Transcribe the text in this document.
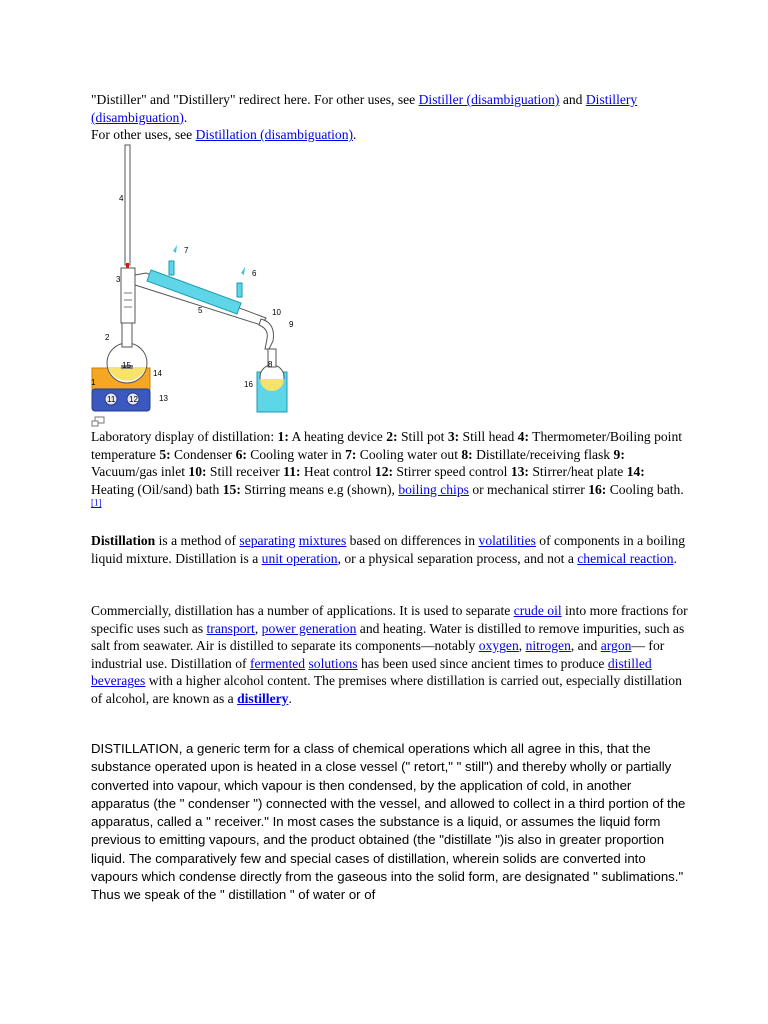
"Distiller" and "Distillery" redirect here. For other uses, see Distiller (disambiguation) and Distillery (disambiguation).
For other uses, see Distillation (disambiguation).
1
2
3
4
5
6
7
8
9
10
11 12	13
14
15
16
Laboratory display of distillation: 1: A heating device 2: Still pot 3: Still head 4: Thermometer/Boiling point temperature 5: Condenser 6: Cooling water in 7: Cooling water out 8: Distillate/receiving flask 9: Vacuum/gas inlet 10: Still receiver 11: Heat control 12: Stirrer speed control 13: Stirrer/heat plate 14: Heating (Oil/sand) bath 15: Stirring means e.g (shown), boiling chips or mechanical stirrer 16: Cooling bath.[1]
Distillation is a method of separating mixtures based on differences in volatilities of components in a boiling liquid mixture. Distillation is a unit operation, or a physical separation process, and not a chemical reaction.
Commercially, distillation has a number of applications. It is used to separate crude oil into more fractions for specific uses such as transport, power generation and heating. Water is distilled to remove impurities, such as salt from seawater. Air is distilled to separate its components—notably oxygen, nitrogen, and argon— for industrial use. Distillation of fermented solutions has been used since ancient times to produce distilled beverages with a higher alcohol content. The premises where distillation is carried out, especially distillation of alcohol, are known as a distillery.
DISTILLATION, a generic term for a class of chemical operations which all agree in this, that the substance operated upon is heated in a close vessel (" retort," " still") and thereby wholly or partially converted into vapour, which vapour is then condensed, by the application of cold, in another apparatus (the " condenser ") connected with the vessel, and allowed to collect in a third portion of the apparatus, called a " receiver." In most cases the substance is a liquid, or assumes the liquid form previous to emitting vapours, and the product obtained (the "distillate ")is also in greater proportion liquid. The comparatively few and special cases of distillation, wherein solids are converted into vapours which condense directly from the gaseous into the solid form, are designated " sublimations." Thus we speak of the " distillation " of water or of
